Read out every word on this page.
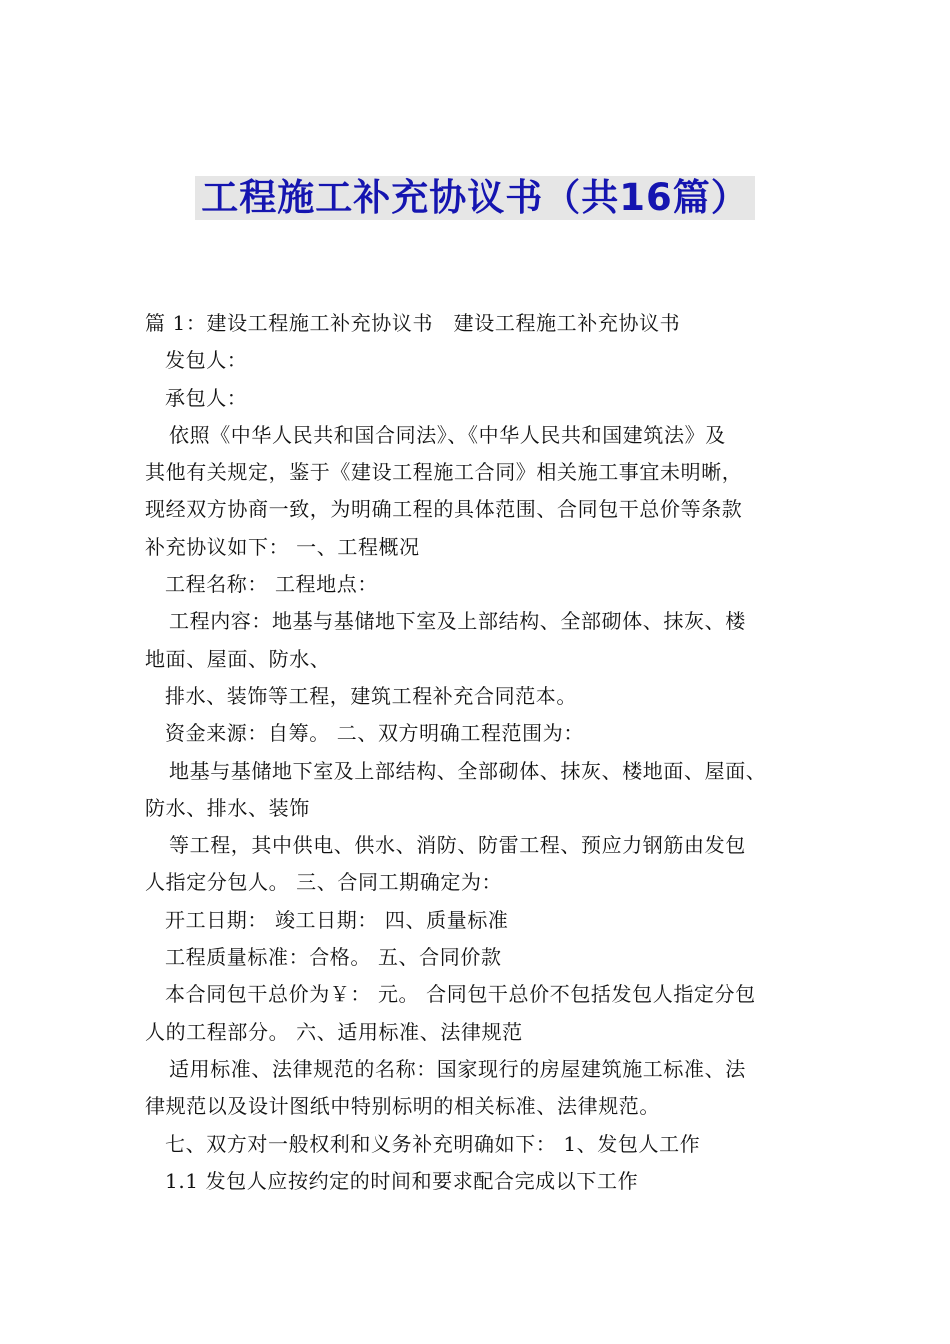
工程施工补充协议书（共16篇）

篇 1：建设工程施工补充协议书　建设工程施工补充协议书

发包人：

承包人：

依照《中华人民共和国合同法》、《中华人民共和国建筑法》及

其他有关规定，鉴于《建设工程施工合同》相关施工事宜未明晰，

现经双方协商一致，为明确工程的具体范围、合同包干总价等条款

补充协议如下： 一、工程概况

工程名称： 工程地点：

工程内容：地基与基储地下室及上部结构、全部砌体、抹灰、楼

地面、屋面、防水、

排水、装饰等工程，建筑工程补充合同范本。

资金来源：自筹。 二、双方明确工程范围为：

地基与基储地下室及上部结构、全部砌体、抹灰、楼地面、屋面、

防水、排水、装饰

等工程，其中供电、供水、消防、防雷工程、预应力钢筋由发包

人指定分包人。 三、合同工期确定为：

开工日期： 竣工日期： 四、质量标准

工程质量标准：合格。 五、合同价款

本合同包干总价为￥： 元。 合同包干总价不包括发包人指定分包

人的工程部分。 六、适用标准、法律规范

适用标准、法律规范的名称：国家现行的房屋建筑施工标准、法

律规范以及设计图纸中特别标明的相关标准、法律规范。

七、双方对一般权利和义务补充明确如下： 1、发包人工作

1.1 发包人应按约定的时间和要求配合完成以下工作
